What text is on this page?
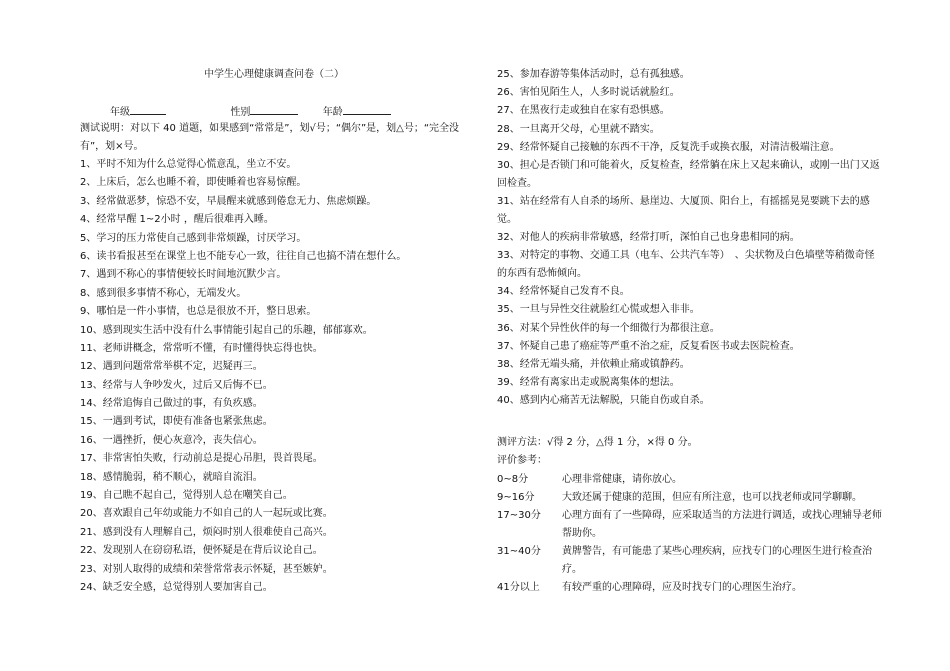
中学生心理健康调查问卷（二）
年级	性别	年龄
测试说明：对以下 40 道题，如果感到“常常是”，划√号；“偶尔”是，划△号；“完全没有”，划×号。
1、平时不知为什么总觉得心慌意乱，坐立不安。
2、上床后，怎么也睡不着，即使睡着也容易惊醒。
3、经常做恶梦，惊恐不安，早晨醒来就感到倦怠无力、焦虑烦躁。
4、经常早醒 1~2小时 ，醒后很难再入睡。
5、学习的压力常使自己感到非常烦躁，讨厌学习。
6、读书看报甚至在课堂上也不能专心一致，往往自己也搞不清在想什么。
7、遇到不称心的事情便较长时间地沉默少言。
8、感到很多事情不称心，无端发火。
9、哪怕是一件小事情，也总是很放不开，整日思索。
10、感到现实生活中没有什么事情能引起自己的乐趣，郁郁寡欢。
11、老师讲概念，常常听不懂，有时懂得快忘得也快。
12、遇到问题常常举棋不定，迟疑再三。
13、经常与人争吵发火，过后又后悔不已。
14、经常追悔自己做过的事，有负疚感。
15、一遇到考试，即使有准备也紧张焦虑。
16、一遇挫折，便心灰意冷，丧失信心。
17、非常害怕失败，行动前总是提心吊胆，畏首畏尾。
18、感情脆弱，稍不顺心，就暗自流泪。
19、自己瞧不起自己，觉得别人总在嘲笑自己。
20、喜欢跟自己年幼或能力不如自己的人一起玩或比赛。
21、感到没有人理解自己，烦闷时别人很难使自己高兴。
22、发现别人在窃窃私语，便怀疑是在背后议论自己。
23、对别人取得的成绩和荣誉常常表示怀疑，甚至嫉妒。
24、缺乏安全感，总觉得别人要加害自己。
25、参加春游等集体活动时，总有孤独感。
26、害怕见陌生人，人多时说话就脸红。
27、在黑夜行走或独自在家有恐惧感。
28、一旦离开父母，心里就不踏实。
29、经常怀疑自己接触的东西不干净，反复洗手或换衣服，对清洁极端注意。
30、担心是否锁门和可能着火，反复检查，经常躺在床上又起来确认，或刚一出门又返回检查。
31、站在经常有人自杀的场所、悬崖边、大厦顶、阳台上，有摇摇晃晃要跳下去的感觉。
32、对他人的疾病非常敏感，经常打听，深怕自己也身患相同的病。
33、对特定的事物、交通工具（电车、公共汽车等）　、尖状物及白色墙壁等稍微奇怪的东西有恐怖倾向。
34、经常怀疑自己发育不良。
35、一旦与异性交往就脸红心慌或想入非非。
36、对某个异性伙伴的每一个细微行为都很注意。
37、怀疑自己患了癌症等严重不治之症，反复看医书或去医院检查。
38、经常无端头痛，并依赖止痛或镇静药。
39、经常有离家出走或脱离集体的想法。
40、感到内心痛苦无法解脱，只能自伤或自杀。
测评方法：√得 2 分，△得 1 分，×得 0 分。
评价参考：
0~8分	心理非常健康，请你放心。
9~16分	大致还属于健康的范围，但应有所注意，也可以找老师或同学聊聊。
17~30分	心理方面有了一些障碍，应采取适当的方法进行调适，或找心理辅导老师帮助你。
31~40分	黄牌警告，有可能患了某些心理疾病，应找专门的心理医生进行检查治疗。
41分以上	有较严重的心理障碍，应及时找专门的心理医生治疗。
